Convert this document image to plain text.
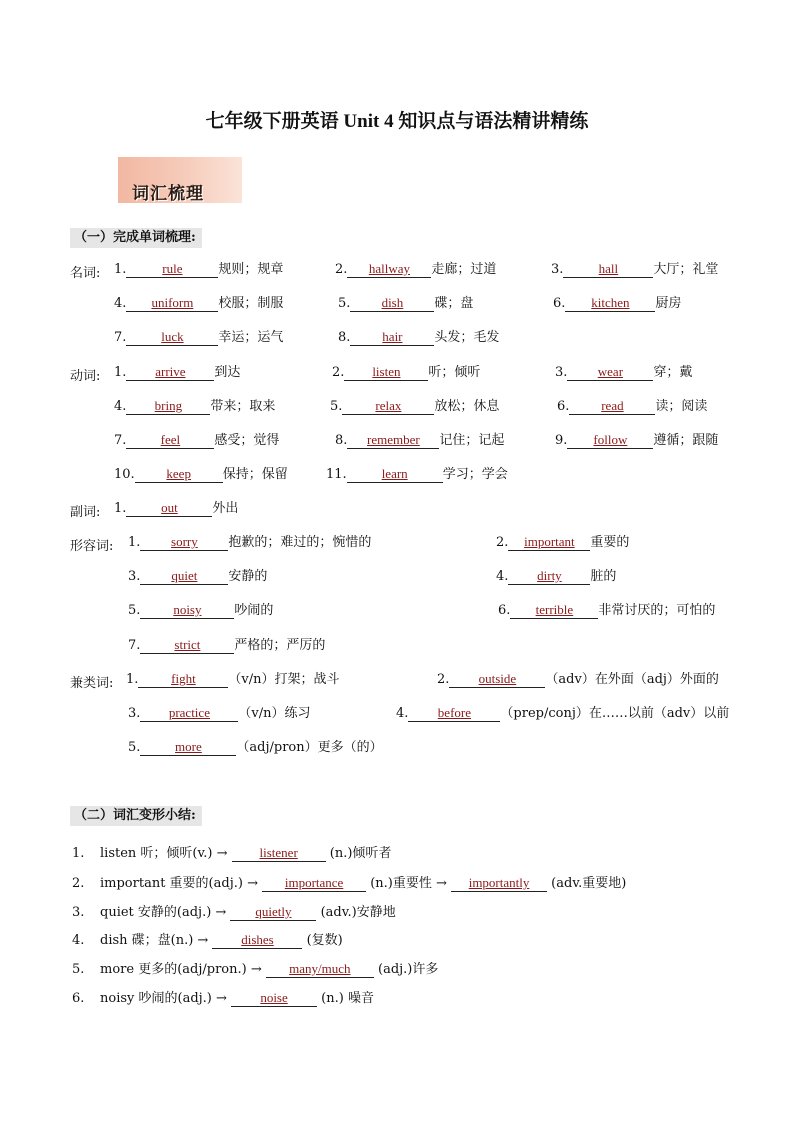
七年级下册英语 Unit 4 知识点与语法精讲精练
词汇梳理
（一）完成单词梳理:
名词:
动词:
副词:
形容词:
兼类词:
1.	rule	规则；规章	2. hallway 走廊；过道	3.	hall	大厅；礼堂
4. uniform 校服；制服	5. dish 碟；盘	6. kitchen 厨房
7.	luck	幸运；运气	8. hair 头发；毛发
1. arrive 到达	2. listen 听；倾听	3. wear 穿；戴
4. bring 带来；取来	5.	relax	放松；休息	6. read 读；阅读
7.	feel	感受；觉得	8. remember 记住；记起	9. follow 遵循；跟随
10. keep 保持；保留	11.	learn	学习；学会
1.	out	外出
1. sorry 抱歉的；难过的；惋惜的	2. important 重要的
3. quiet 安静的	4. dirty 脏的
5.	noisy	吵闹的	6. terrible 非常讨厌的；可怕的
7.	strict	严格的；严厉的
1.	fight	（v/n）打架；战斗	2. outside （adv）在外面（adj）外面的
3. practice （v/n）练习	4. before （prep/conj）在……以前（adv）以前
5.	more	（adj/pron）更多（的）
（二）词汇变形小结:
1. listen 听；倾听(v.) → listener (n.)倾听者
2. important 重要的(adj.) → importance (n.)重要性 → importantly (adv.重要地)
3. quiet 安静的(adj.) → quietly (adv.)安静地
4. dish 碟；盘(n.) → dishes (复数)
5. more 更多的(adj/pron.) → many/much (adj.)许多
6. noisy 吵闹的(adj.) → noise (n.) 噪音
